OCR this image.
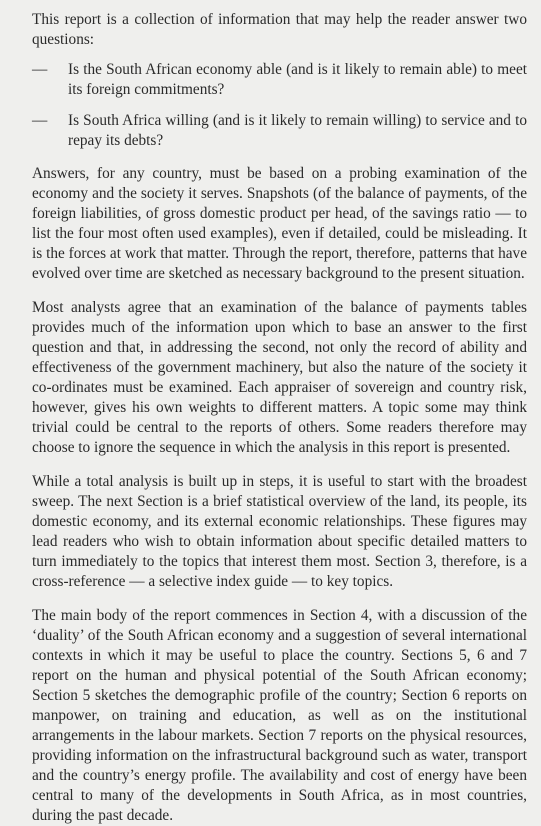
This report is a collection of information that may help the reader answer two questions:

—	Is the South African economy able (and is it likely to remain able) to meet its foreign commitments?
—	Is South Africa willing (and is it likely to remain willing) to service and to repay its debts?

Answers, for any country, must be based on a probing examination of the economy and the society it serves. Snapshots (of the balance of payments, of the foreign liabilities, of gross domestic product per head, of the savings ratio — to list the four most often used examples), even if detailed, could be misleading. It is the forces at work that matter. Through the report, therefore, patterns that have evolved over time are sketched as necessary background to the present situation.

Most analysts agree that an examination of the balance of payments tables provides much of the information upon which to base an answer to the first question and that, in addressing the second, not only the record of ability and effectiveness of the government machinery, but also the nature of the society it co-ordinates must be examined. Each appraiser of sovereign and country risk, however, gives his own weights to different matters. A topic some may think trivial could be central to the reports of others. Some readers therefore may choose to ignore the sequence in which the analysis in this report is presented.

While a total analysis is built up in steps, it is useful to start with the broadest sweep. The next Section is a brief statistical overview of the land, its people, its domestic economy, and its external economic relationships. These figures may lead readers who wish to obtain information about specific detailed matters to turn immediately to the topics that interest them most. Section 3, therefore, is a cross-reference — a selective index guide — to key topics.

The main body of the report commences in Section 4, with a discussion of the ‘duality’ of the South African economy and a suggestion of several international contexts in which it may be useful to place the country. Sections 5, 6 and 7 report on the human and physical potential of the South African economy; Section 5 sketches the demographic profile of the country; Section 6 reports on manpower, on training and education, as well as on the institutional arrangements in the labour markets. Section 7 reports on the physical resources, providing information on the infrastructural background such as water, transport and the country’s energy profile. The availability and cost of energy have been central to many of the developments in South Africa, as in most countries, during the past decade.
